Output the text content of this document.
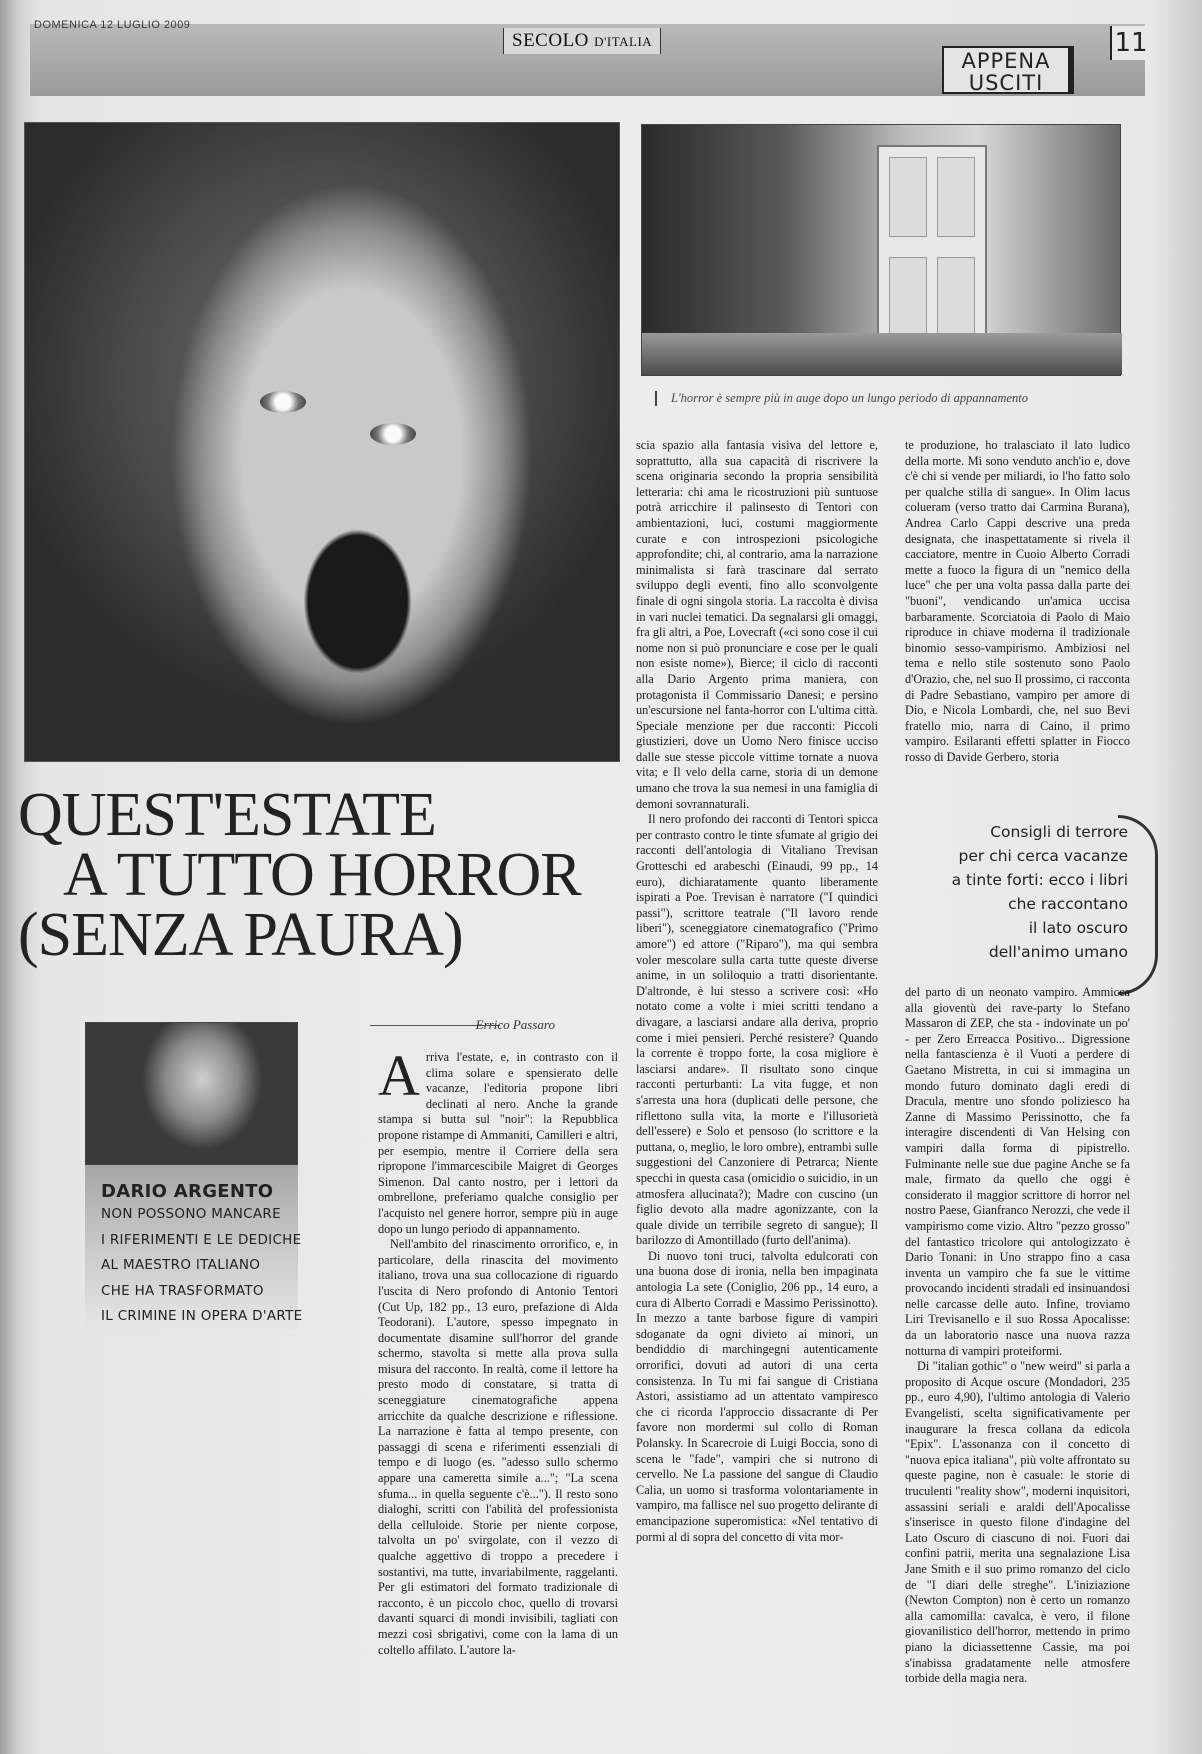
DOMENICA 12 LUGLIO 2009
SECOLO D'ITALIA
APPENA
USCITI
11
L'horror è sempre più in auge dopo un lungo periodo di appannamento
QUEST'ESTATE
A TUTTO HORROR
(SENZA PAURA)
Consigli di terrore
per chi cerca vacanze
a tinte forti: ecco i libri
che raccontano
il lato oscuro
dell'animo umano
DARIO ARGENTO
NON POSSONO MANCARE
I RIFERIMENTI E LE DEDICHE
AL MAESTRO ITALIANO
CHE HA TRASFORMATO
IL CRIMINE IN OPERA D'ARTE
Errico Passaro
A rriva l'estate, e, in contrasto con il clima solare e spensierato delle vacanze, l'editoria propone libri declinati al nero. Anche la grande stampa si butta sul "noir": la Repubblica propone ristampe di Ammaniti, Camilleri e altri, per esempio, mentre il Corriere della sera ripropone l'immarcescibile Maigret di Georges Simenon. Dal canto nostro, per i lettori da ombrellone, preferiamo qualche consiglio per l'acquisto nel genere horror, sempre più in auge dopo un lungo periodo di appannamento.

Nell'ambito del rinascimento orrorifico, e, in particolare, della rinascita del movimento italiano, trova una sua collocazione di riguardo l'uscita di Nero profondo di Antonio Tentori (Cut Up, 182 pp., 13 euro, prefazione di Alda Teodorani). L'autore, spesso impegnato in documentate disamine sull'horror del grande schermo, stavolta si mette alla prova sulla misura del racconto. In realtà, come il lettore ha presto modo di constatare, si tratta di sceneggiature cinematografiche appena arricchite da qualche descrizione e riflessione. La narrazione è fatta al tempo presente, con passaggi di scena e riferimenti essenziali di tempo e di luogo (es. "adesso sullo schermo appare una cameretta simile a..."; "La scena sfuma... in quella seguente c'è..."). Il resto sono dialoghi, scritti con l'abilità del professionista della celluloide. Storie per niente corpose, talvolta un po' svirgolate, con il vezzo di qualche aggettivo di troppo a precedere i sostantivi, ma tutte, invariabilmente, raggelanti. Per gli estimatori del formato tradizionale di racconto, è un piccolo choc, quello di trovarsi davanti squarci di mondi invisibili, tagliati con mezzi così sbrigativi, come con la lama di un coltello affilato. L'autore la-

scia spazio alla fantasia visiva del lettore e, soprattutto, alla sua capacità di riscrivere la scena originaria secondo la propria sensibilità letteraria: chi ama le ricostruzioni più suntuose potrà arricchire il palinsesto di Tentori con ambientazioni, luci, costumi maggiormente curate e con introspezioni psicologiche approfondite; chi, al contrario, ama la narrazione minimalista si farà trascinare dal serrato sviluppo degli eventi, fino allo sconvolgente finale di ogni singola storia. La raccolta è divisa in vari nuclei tematici. Da segnalarsi gli omaggi, fra gli altri, a Poe, Lovecraft («ci sono cose il cui nome non si può pronunciare e cose per le quali non esiste nome»), Bierce; il ciclo di racconti alla Dario Argento prima maniera, con protagonista il Commissario Danesi; e persino un'escursione nel fanta-horror con L'ultima città. Speciale menzione per due racconti: Piccoli giustizieri, dove un Uomo Nero finisce ucciso dalle sue stesse piccole vittime tornate a nuova vita; e Il velo della carne, storia di un demone umano che trova la sua nemesi in una famiglia di demoni sovrannaturali.

Il nero profondo dei racconti di Tentori spicca per contrasto contro le tinte sfumate al grigio dei racconti dell'antologia di Vitaliano Trevisan Grotteschi ed arabeschi (Einaudi, 99 pp., 14 euro), dichiaratamente quanto liberamente ispirati a Poe. Trevisan è narratore ("I quindici passi"), scrittore teatrale ("Il lavoro rende liberi"), sceneggiatore cinematografico ("Primo amore") ed attore ("Riparo"), ma qui sembra voler mescolare sulla carta tutte queste diverse anime, in un soliloquio a tratti disorientante. D'altronde, è lui stesso a scrivere così: «Ho notato come a volte i miei scritti tendano a divagare, a lasciarsi andare alla deriva, proprio come i miei pensieri. Perché resistere? Quando la corrente è troppo forte, la cosa migliore è lasciarsi andare». Il risultato sono cinque racconti perturbanti: La vita fugge, et non s'arresta una hora (duplicati delle persone, che riflettono sulla vita, la morte e l'illusorietà dell'essere) e Solo et pensoso (lo scrittore e la puttana, o, meglio, le loro ombre), entrambi sulle suggestioni del Canzoniere di Petrarca; Niente specchi in questa casa (omicidio o suicidio, in un atmosfera allucinata?); Madre con cuscino (un figlio devoto alla madre agonizzante, con la quale divide un terribile segreto di sangue); Il barilozzo di Amontillado (furto dell'anima).

Di nuovo toni truci, talvolta edulcorati con una buona dose di ironia, nella ben impaginata antologia La sete (Coniglio, 206 pp., 14 euro, a cura di Alberto Corradi e Massimo Perissinotto). In mezzo a tante barbose figure di vampiri sdoganate da ogni divieto ai minori, un bendiddio di marchingegni autenticamente orrorifici, dovuti ad autori di una certa consistenza. In Tu mi fai sangue di Cristiana Astori, assistiamo ad un attentato vampiresco che ci ricorda l'approccio dissacrante di Per favore non mordermi sul collo di Roman Polansky. In Scarecroie di Luigi Boccia, sono di scena le "fade", vampiri che si nutrono di cervello. Ne La passione del sangue di Claudio Calia, un uomo si trasforma volontariamente in vampiro, ma fallisce nel suo progetto delirante di emancipazione superomistica: «Nel tentativo di pormi al di sopra del concetto di vita mor-

te produzione, ho tralasciato il lato ludico della morte. Mi sono venduto anch'io e, dove c'è chi si vende per miliardi, io l'ho fatto solo per qualche stilla di sangue». In Olim lacus colueram (verso tratto dai Carmina Burana), Andrea Carlo Cappi descrive una preda designata, che inaspettatamente si rivela il cacciatore, mentre in Cuoio Alberto Corradi mette a fuoco la figura di un "nemico della luce" che per una volta passa dalla parte dei "buoni", vendicando un'amica uccisa barbaramente. Scorciatoia di Paolo di Maio riproduce in chiave moderna il tradizionale binomio sesso-vampirismo. Ambiziosi nel tema e nello stile sostenuto sono Paolo d'Orazio, che, nel suo Il prossimo, ci racconta di Padre Sebastiano, vampiro per amore di Dio, e Nicola Lombardi, che, nel suo Bevi fratello mio, narra di Caino, il primo vampiro. Esilaranti effetti splatter in Fiocco rosso di Davide Gerbero, storia

del parto di un neonato vampiro. Ammicca alla gioventù dei rave-party lo Stefano Massaron di ZEP, che sta - indovinate un po' - per Zero Erreacca Positivo... Digressione nella fantascienza è il Vuoti a perdere di Gaetano Mistretta, in cui si immagina un mondo futuro dominato dagli eredi di Dracula, mentre uno sfondo poliziesco ha Zanne di Massimo Perissinotto, che fa interagire discendenti di Van Helsing con vampiri dalla forma di pipistrello. Fulminante nelle sue due pagine Anche se fa male, firmato da quello che oggi è considerato il maggior scrittore di horror nel nostro Paese, Gianfranco Nerozzi, che vede il vampirismo come vizio. Altro "pezzo grosso" del fantastico tricolore qui antologizzato è Dario Tonani: in Uno strappo fino a casa inventa un vampiro che fa sue le vittime provocando incidenti stradali ed insinuandosi nelle carcasse delle auto. Infine, troviamo Liri Trevisanello e il suo Rossa Apocalisse: da un laboratorio nasce una nuova razza notturna di vampiri proteiformi.

Di "italian gothic" o "new weird" si parla a proposito di Acque oscure (Mondadori, 235 pp., euro 4,90), l'ultimo antologia di Valerio Evangelisti, scelta significativamente per inaugurare la fresca collana da edicola "Epix". L'assonanza con il concetto di "nuova epica italiana", più volte affrontato su queste pagine, non è casuale: le storie di truculenti "reality show", moderni inquisitori, assassini seriali e araldi dell'Apocalisse s'inserisce in questo filone d'indagine del Lato Oscuro di ciascuno di noi. Fuori dai confini patrii, merita una segnalazione Lisa Jane Smith e il suo primo romanzo del ciclo de "I diari delle streghe". L'iniziazione (Newton Compton) non è certo un romanzo alla camomilla: cavalca, è vero, il filone giovanilistico dell'horror, mettendo in primo piano la diciassettenne Cassie, ma poi s'inabissa gradatamente nelle atmosfere torbide della magia nera.
